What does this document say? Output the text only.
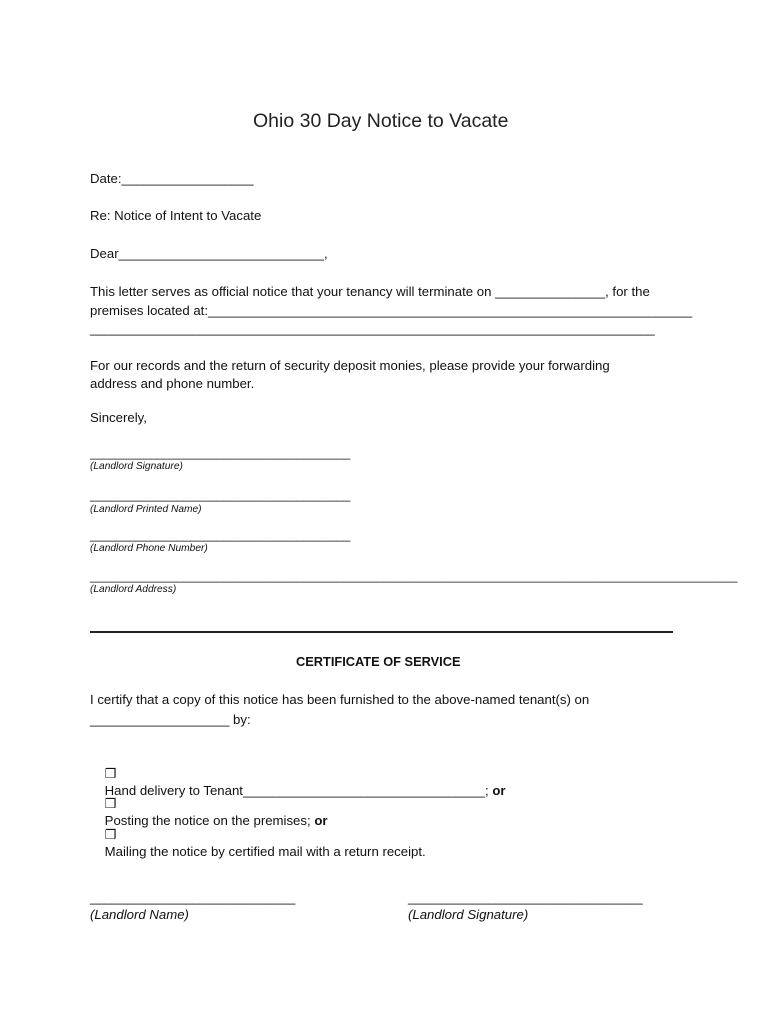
Ohio 30 Day Notice to Vacate
Date:__________________
Re: Notice of Intent to Vacate
Dear____________________________,
This letter serves as official notice that your tenancy will terminate on _______________, for the
premises located at:__________________________________________________________________
_____________________________________________________________________________
For our records and the return of security deposit monies, please provide your forwarding
address and phone number.
Sincerely,
_______________________________________
(Landlord Signature)
_______________________________________
(Landlord Printed Name)
_______________________________________
(Landlord Phone Number)
_________________________________________________________________________________________________
(Landlord Address)
CERTIFICATE OF SERVICE
I certify that a copy of this notice has been furnished to the above-named tenant(s) on
___________________ by:

❒
Hand delivery to Tenant_________________________________; or

❒
Posting the notice on the premises; or

❒
Mailing the notice by certified mail with a return receipt.

____________________________
(Landlord Name)
________________________________
(Landlord Signature)
